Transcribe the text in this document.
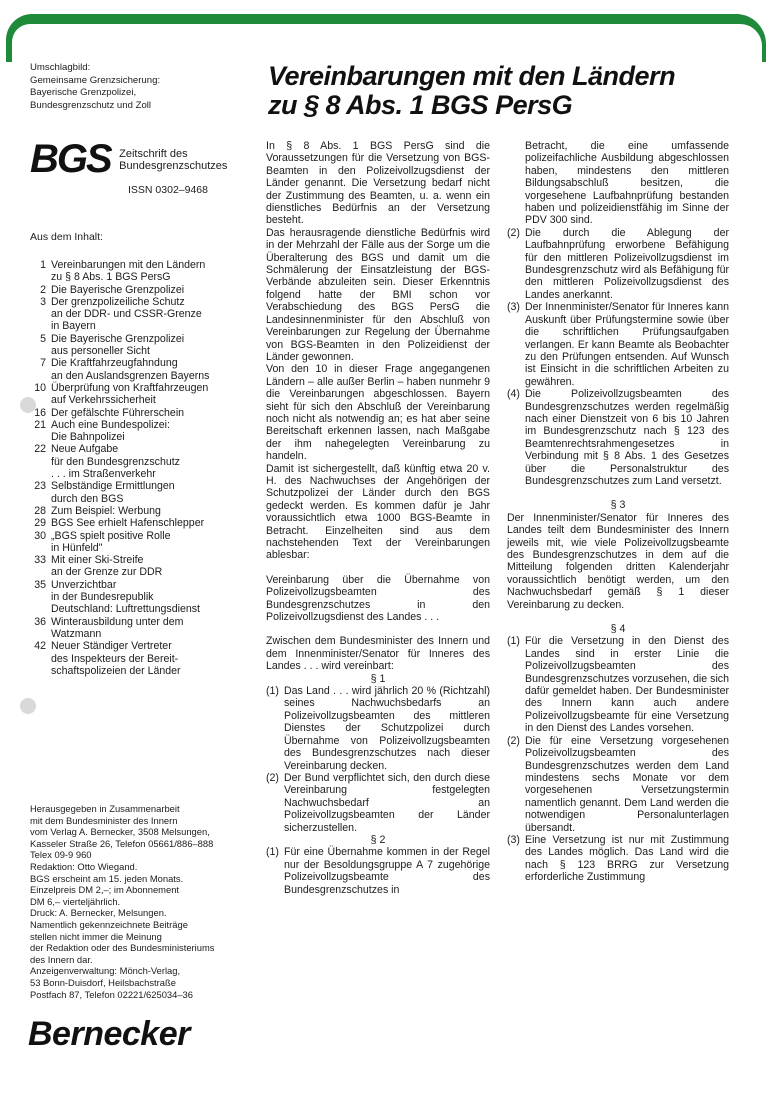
Umschlagbild:
Gemeinsame Grenzsicherung:
Bayerische Grenzpolizei,
Bundesgrenzschutz und Zoll
Vereinbarungen mit den Ländern
zu § 8 Abs. 1 BGS PersG
BGS Zeitschrift des
Bundesgrenzschutzes
ISSN 0302–9468
Aus dem Inhalt:
1 Vereinbarungen mit den Ländern
zu § 8 Abs. 1 BGS PersG
2 Die Bayerische Grenzpolizei
3 Der grenzpolizeiliche Schutz
an der DDR- und CSSR-Grenze
in Bayern
5 Die Bayerische Grenzpolizei
aus personeller Sicht
7 Die Kraftfahrzeugfahndung
an den Auslandsgrenzen Bayerns
10 Überprüfung von Kraftfahrzeugen
auf Verkehrssicherheit
16 Der gefälschte Führerschein
21 Auch eine Bundespolizei:
Die Bahnpolizei
22 Neue Aufgabe
für den Bundesgrenzschutz
. . . im Straßenverkehr
23 Selbständige Ermittlungen
durch den BGS
28 Zum Beispiel: Werbung
29 BGS See erhielt Hafenschlepper
30 „BGS spielt positive Rolle
in Hünfeld"
33 Mit einer Ski-Streife
an der Grenze zur DDR
35 Unverzichtbar
in der Bundesrepublik
Deutschland: Luftrettungsdienst
36 Winterausbildung unter dem
Watzmann
42 Neuer Ständiger Vertreter
des Inspekteurs der Bereit-
schaftspolizeien der Länder
Herausgegeben in Zusammenarbeit
mit dem Bundesminister des Innern
vom Verlag A. Bernecker, 3508 Melsungen,
Kasseler Straße 26, Telefon 05661/886–888
Telex 09-9 960
Redaktion: Otto Wiegand.
BGS erscheint am 15. jeden Monats.
Einzelpreis DM 2,–; im Abonnement
DM 6,– vierteljährlich.
Druck: A. Bernecker, Melsungen.
Namentlich gekennzeichnete Beiträge
stellen nicht immer die Meinung
der Redaktion oder des Bundesministeriums
des Innern dar.
Anzeigenverwaltung: Mönch-Verlag,
53 Bonn-Duisdorf, Heilsbachstraße
Postfach 87, Telefon 02221/625034–36
Bernecker

In § 8 Abs. 1 BGS PersG sind die Voraussetzungen für die Versetzung von BGS-Beamten in den Polizeivollzugsdienst der Länder genannt. Die Versetzung bedarf nicht der Zustimmung des Beamten, u. a. wenn ein dienstliches Bedürfnis an der Versetzung besteht.

Das herausragende dienstliche Bedürfnis wird in der Mehrzahl der Fälle aus der Sorge um die Überalterung des BGS und damit um die Schmälerung der Einsatzleistung der BGS-Verbände abzuleiten sein. Dieser Erkenntnis folgend hatte der BMI schon vor Verabschiedung des BGS PersG die Landesinnenminister für den Abschluß von Vereinbarungen zur Regelung der Übernahme von BGS-Beamten in den Polizeidienst der Länder gewonnen.

Von den 10 in dieser Frage angegangenen Ländern – alle außer Berlin – haben nunmehr 9 die Vereinbarungen abgeschlossen. Bayern sieht für sich den Abschluß der Vereinbarung noch nicht als notwendig an; es hat aber seine Bereitschaft erkennen lassen, nach Maßgabe der ihm nahegelegten Vereinbarung zu handeln.

Damit ist sichergestellt, daß künftig etwa 20 v. H. des Nachwuchses der Angehörigen der Schutzpolizei der Länder durch den BGS gedeckt werden. Es kommen dafür je Jahr voraussichtlich etwa 1000 BGS-Beamte in Betracht. Einzelheiten sind aus dem nachstehenden Text der Vereinbarungen ablesbar:

Vereinbarung über die Übernahme von Polizeivollzugsbeamten des Bundesgrenzschutzes in den Polizeivollzugsdienst des Landes . . .

Zwischen dem Bundesminister des Innern und dem Innenminister/Senator für Inneres des Landes . . . wird vereinbart:

§ 1

(1) Das Land . . . wird jährlich 20 % (Richtzahl) seines Nachwuchsbedarfs an Polizeivollzugsbeamten des mittleren Dienstes der Schutzpolizei durch Übernahme von Polizeivollzugsbeamten des Bundesgrenzschutzes nach dieser Vereinbarung decken.
(2) Der Bund verpflichtet sich, den durch diese Vereinbarung festgelegten Nachwuchsbedarf an Polizeivollzugsbeamten der Länder sicherzustellen.

§ 2

(1) Für eine Übernahme kommen in der Regel nur der Besoldungsgruppe A 7 zugehörige Polizeivollzugsbeamte des Bundesgrenzschutzes in
Betracht, die eine umfassende polizeifachliche Ausbildung abgeschlossen haben, mindestens den mittleren Bildungsabschluß besitzen, die vorgesehene Laufbahnprüfung bestanden haben und polizeidienstfähig im Sinne der PDV 300 sind.
(2) Die durch die Ablegung der Laufbahnprüfung erworbene Befähigung für den mittleren Polizeivollzugsdienst im Bundesgrenzschutz wird als Befähigung für den mittleren Polizeivollzugsdienst des Landes anerkannt.
(3) Der Innenminister/Senator für Inneres kann Auskunft über Prüfungstermine sowie über die schriftlichen Prüfungsaufgaben verlangen. Er kann Beamte als Beobachter zu den Prüfungen entsenden. Auf Wunsch ist Einsicht in die schriftlichen Arbeiten zu gewähren.
(4) Die Polizeivollzugsbeamten des Bundesgrenzschutzes werden regelmäßig nach einer Dienstzeit von 6 bis 10 Jahren im Bundesgrenzschutz nach § 123 des Beamtenrechtsrahmengesetzes in Verbindung mit § 8 Abs. 1 des Gesetzes über die Personalstruktur des Bundesgrenzschutzes zum Land versetzt.

§ 3

Der Innenminister/Senator für Inneres des Landes teilt dem Bundesminister des Innern jeweils mit, wie viele Polizeivollzugsbeamte des Bundesgrenzschutzes in dem auf die Mitteilung folgenden dritten Kalenderjahr voraussichtlich benötigt werden, um den Nachwuchsbedarf gemäß § 1 dieser Vereinbarung zu decken.

§ 4

(1) Für die Versetzung in den Dienst des Landes sind in erster Linie die Polizeivollzugsbeamten des Bundesgrenzschutzes vorzusehen, die sich dafür gemeldet haben. Der Bundesminister des Innern kann auch andere Polizeivollzugsbeamte für eine Versetzung in den Dienst des Landes vorsehen.
(2) Die für eine Versetzung vorgesehenen Polizeivollzugsbeamten des Bundesgrenzschutzes werden dem Land mindestens sechs Monate vor dem vorgesehenen Versetzungstermin namentlich genannt. Dem Land werden die notwendigen Personalunterlagen übersandt.
(3) Eine Versetzung ist nur mit Zustimmung des Landes möglich. Das Land wird die nach § 123 BRRG zur Versetzung erforderliche Zustimmung
